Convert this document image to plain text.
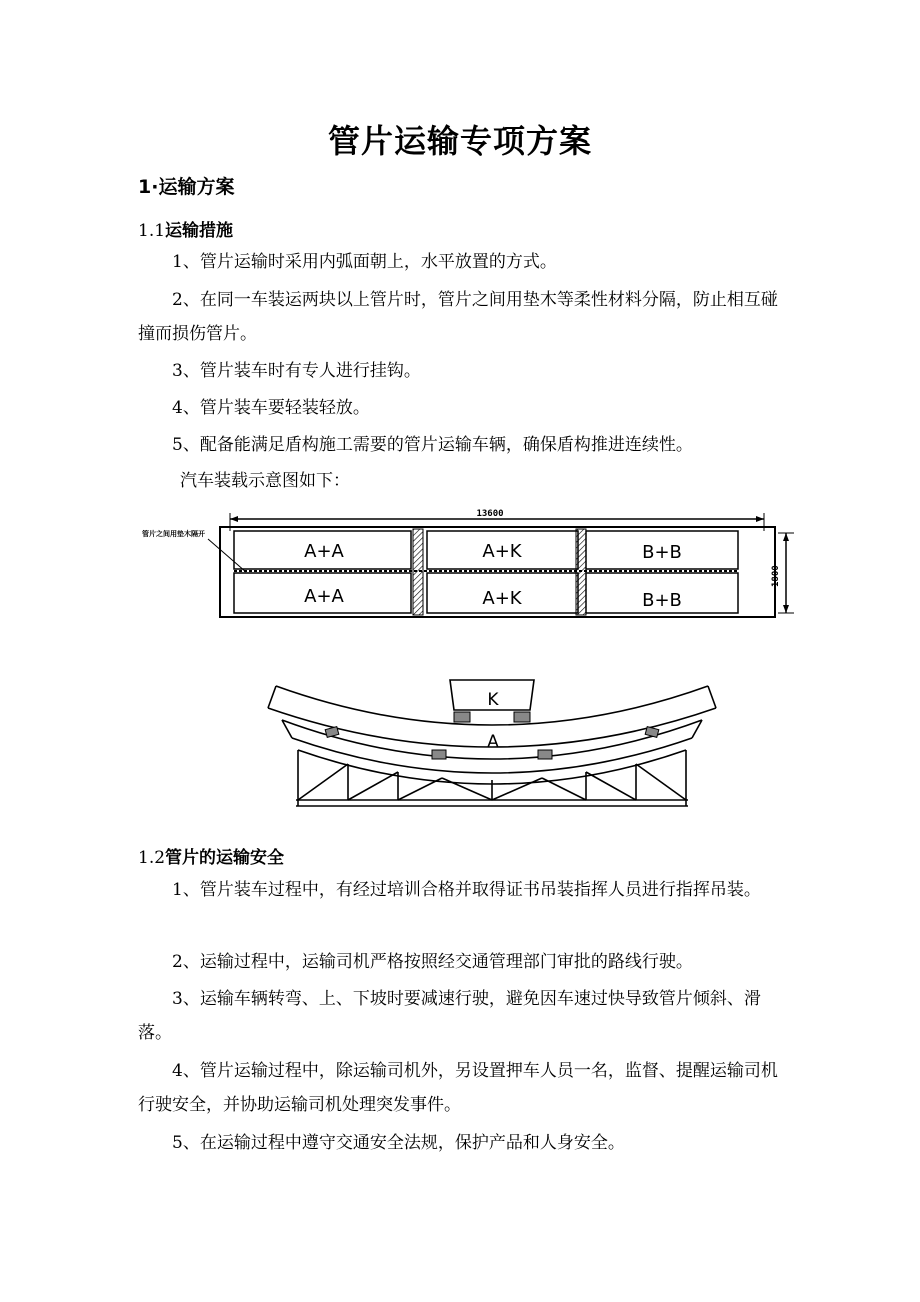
管片运输专项方案
1·运输方案
1.1运输措施
1、管片运输时采用内弧面朝上，水平放置的方式。
2、在同一车装运两块以上管片时，管片之间用垫木等柔性材料分隔，防止相互碰撞而损伤管片。
3、管片装车时有专人进行挂钩。
4、管片装车要轻装轻放。
5、配备能满足盾构施工需要的管片运输车辆，确保盾构推进连续性。
汽车装载示意图如下：
13600
管片之间用垫木隔开
A+A	A+K	B+B
A+A	A+K	B+B
1800
K
A
1.2管片的运输安全
1、管片装车过程中，有经过培训合格并取得证书吊装指挥人员进行指挥吊装。
2、运输过程中，运输司机严格按照经交通管理部门审批的路线行驶。
3、运输车辆转弯、上、下坡时要减速行驶，避免因车速过快导致管片倾斜、滑落。
4、管片运输过程中，除运输司机外，另设置押车人员一名，监督、提醒运输司机行驶安全，并协助运输司机处理突发事件。
5、在运输过程中遵守交通安全法规，保护产品和人身安全。
